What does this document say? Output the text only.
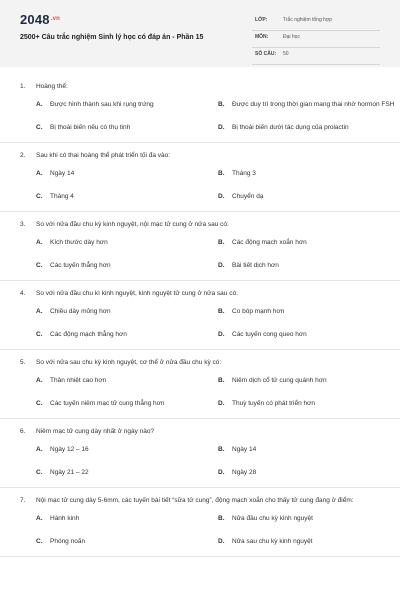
$2048^{.vn}$
2500+ Câu trắc nghiệm Sinh lý học có đáp án - Phần 15
LỚP:	Trắc nghiệm tổng hợp
MÔN:	Đại học
SỐ CÂU: 50
1. Hoàng thể:
A. Được hình thành sau khi rụng trứng	B. Được duy trì trong thời gian mang thai nhờ hormon FSH
C. Bị thoái biến nếu có thụ tinh	D. Bị thoái biến dưới tác dụng của prolactin
2. Sau khi có thai hoàng thể phát triển tối đa vào:
A. Ngày 14	B. Tháng 3
C. Tháng 4	D. Chuyển dạ
3. So với nửa đầu chu kỳ kinh nguyệt, nội mạc tử cung ở nửa sau có:
A. Kích thước dày hơn	B. Các động mạch xoắn hơn
C. Các tuyến thẳng hơn	D. Bài tiết dịch hơn
4. So với nửa đầu chu kì kinh nguyệt, kinh nguyệt tử cung ở nửa sau có:
A. Chiều dày mỏng hơn	B. Co bóp mạnh hơn
C. Các động mạch thẳng hơn	D. Các tuyến cong queo hơn
5. So với nửa sau chu kỳ kinh nguyệt, cơ thể ở nửa đầu chu kỳ có:
A. Thân nhiệt cao hơn	B. Niêm dịch cổ tử cung quánh hơn
C. Các tuyến niêm mạc tử cung thẳng hơn	D. Thuỳ tuyến có phát triển hơn
6. Niêm mạc tử cung dày nhất ở ngày nào?
A. Ngày 12 – 16	B. Ngày 14
C. Ngày 21 – 22	D. Ngày 28
7. Nội mạc tử cung dày 5-6mm, các tuyến bài tiết “sữa tử cung”, động mạch xoắn cho thấy tử cung đang ở điểm:
A. Hành kinh	B. Nửa đầu chu kỳ kinh nguyệt
C. Phóng noãn	D. Nửa sau chu kỳ kinh nguyệt
